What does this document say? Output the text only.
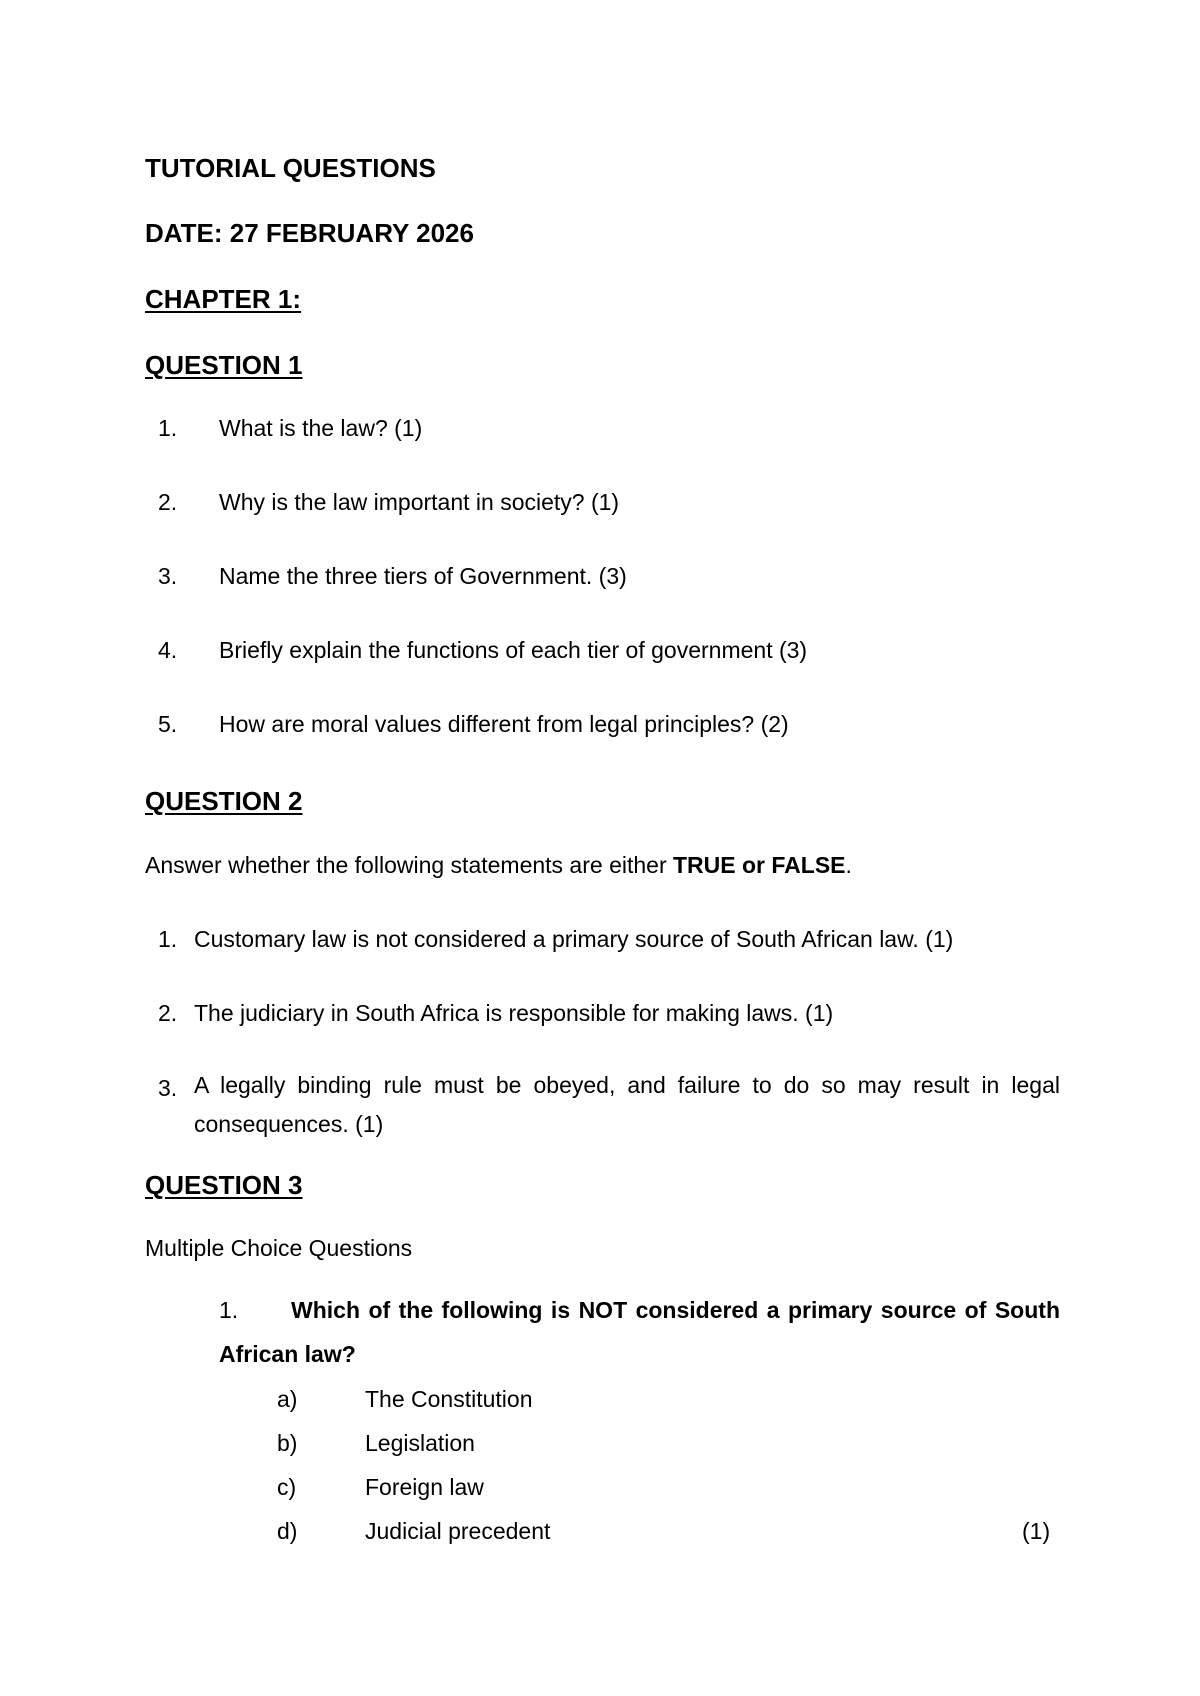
TUTORIAL QUESTIONS
DATE: 27 FEBRUARY 2026
CHAPTER 1:
QUESTION 1
1. What is the law? (1)
2. Why is the law important in society? (1)
3. Name the three tiers of Government. (3)
4. Briefly explain the functions of each tier of government (3)
5. How are moral values different from legal principles? (2)
QUESTION 2
Answer whether the following statements are either TRUE or FALSE.
1. Customary law is not considered a primary source of South African law. (1)
2. The judiciary in South Africa is responsible for making laws. (1)
3. A legally binding rule must be obeyed, and failure to do so may result in legal consequences. (1)
QUESTION 3
Multiple Choice Questions
1.	Which of the following is NOT considered a primary source of South African law?
a)	The Constitution
b)	Legislation
c)	Foreign law
d)	Judicial precedent	(1)
